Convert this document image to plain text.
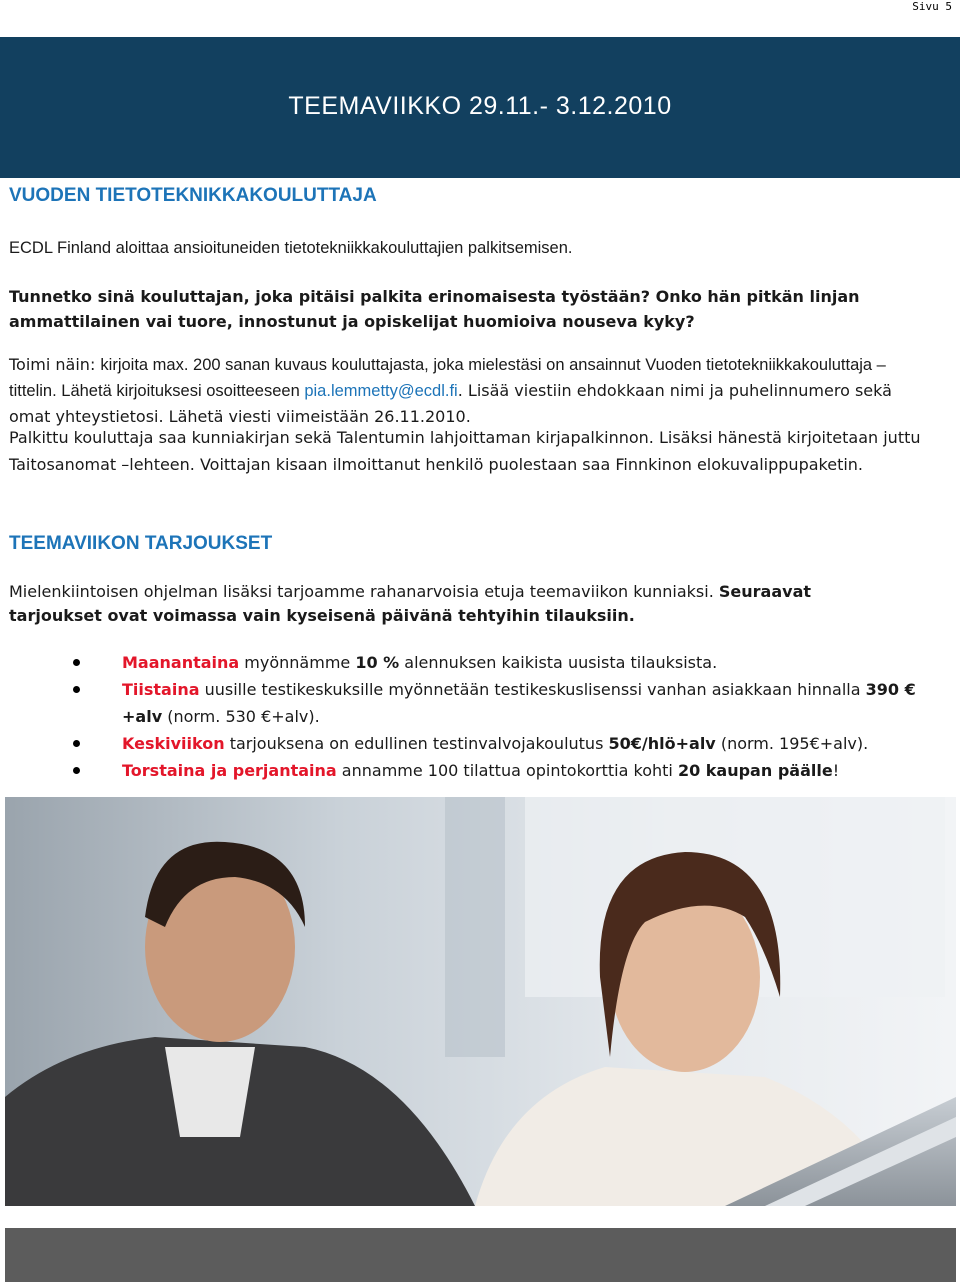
Sivu 5
TEEMAVIIKKO 29.11.- 3.12.2010
VUODEN TIETOTEKNIKKAKOULUTTAJA
ECDL Finland aloittaa ansioituneiden tietotekniikkakouluttajien palkitsemisen.
Tunnetko sinä kouluttajan, joka pitäisi palkita erinomaisesta työstään? Onko hän pitkän linjan ammattilainen vai tuore, innostunut ja opiskelijat huomioiva nouseva kyky?
Toimi näin: kirjoita max. 200 sanan kuvaus kouluttajasta, joka mielestäsi on ansainnut Vuoden tietotekniikkakouluttaja –tittelin. Lähetä kirjoituksesi osoitteeseen pia.lemmetty@ecdl.fi. Lisää viestiin ehdokkaan nimi ja puhelinnumero sekä omat yhteystietosi. Lähetä viesti viimeistään 26.11.2010.
Palkittu kouluttaja saa kunniakirjan sekä Talentumin lahjoittaman kirjapalkinnon. Lisäksi hänestä kirjoitetaan juttu Taitosanomat –lehteen. Voittajan kisaan ilmoittanut henkilö puolestaan saa Finnkinon elokuvalippupaketin.
TEEMAVIIKON TARJOUKSET
Mielenkiintoisen ohjelman lisäksi tarjoamme rahanarvoisia etuja teemaviikon kunniaksi. Seuraavat tarjoukset ovat voimassa vain kyseisenä päivänä tehtyihin tilauksiin.
Maanantaina myönnämme 10 % alennuksen kaikista uusista tilauksista.
Tiistaina uusille testikeskuksille myönnetään testikeskuslisenssi vanhan asiakkaan hinnalla 390 €+alv (norm. 530 €+alv).
Keskiviikon tarjouksena on edullinen testinvalvojakoulutus 50€/hlö+alv (norm. 195€+alv).
Torstaina ja perjantaina annamme 100 tilattua opintokorttia kohti 20 kaupan päälle!
